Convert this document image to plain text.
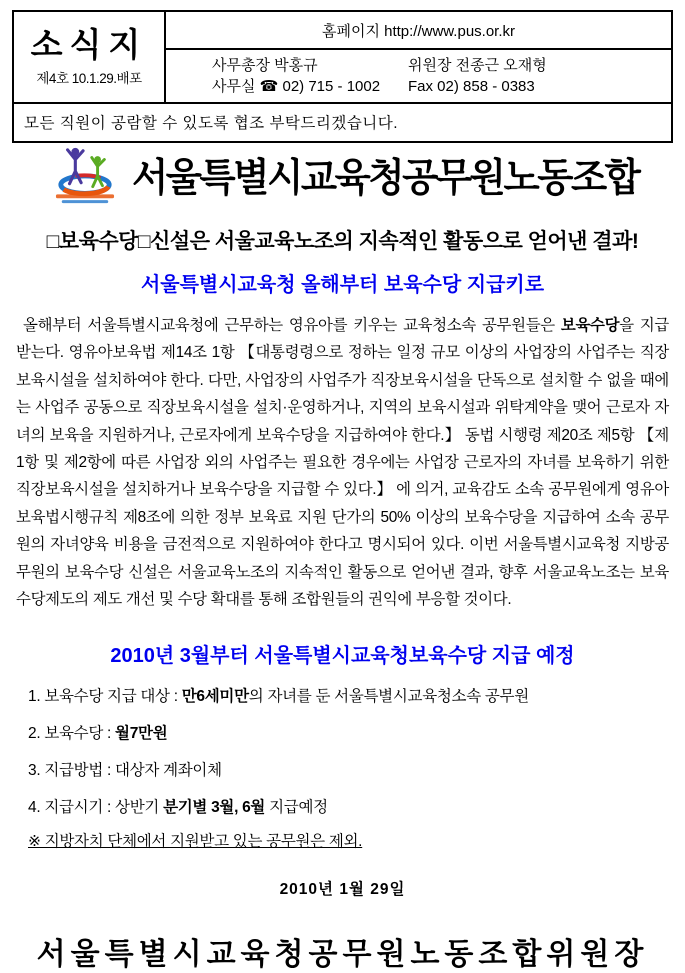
소식지
제4호 10.1.29.배포
홈페이지 http://www.pus.or.kr
사무총장 박홍규	위원장 전종근 오재형
사무실 ☎ 02) 715 - 1002	Fax 02) 858 - 0383
모든 직원이 공람할 수 있도록 협조 부탁드리겠습니다.
서울특별시교육청공무원노동조합
□보육수당□신설은 서울교육노조의 지속적인 활동으로 얻어낸 결과!
서울특별시교육청 올해부터 보육수당 지급키로
올해부터 서울특별시교육청에 근무하는 영유아를 키우는 교육청소속 공무원들은 보육수당을 지급 받는다. 영유아보육법 제14조 1항 【대통령령으로 정하는 일정 규모 이상의 사업장의 사업주는 직장보육시설을 설치하여야 한다. 다만, 사업장의 사업주가 직장보육시설을 단독으로 설치할 수 없을 때에는 사업주 공동으로 직장보육시설을 설치·운영하거나, 지역의 보육시설과 위탁계약을 맺어 근로자 자녀의 보육을 지원하거나, 근로자에게 보육수당을 지급하여야 한다.】 동법 시행령 제20조 제5항 【제1항 및 제2항에 따른 사업장 외의 사업주는 필요한 경우에는 사업장 근로자의 자녀를 보육하기 위한 직장보육시설을 설치하거나 보육수당을 지급할 수 있다.】 에 의거, 교육감도 소속 공무원에게 영유아보육법시행규칙 제8조에 의한 정부 보육료 지원 단가의 50% 이상의 보육수당을 지급하여 소속 공무원의 자녀양육 비용을 금전적으로 지원하여야 한다고 명시되어 있다. 이번 서울특별시교육청 지방공무원의 보육수당 신설은 서울교육노조의 지속적인 활동으로 얻어낸 결과, 향후 서울교육노조는 보육수당제도의 제도 개선 및 수당 확대를 통해 조합원들의 권익에 부응할 것이다.
2010년 3월부터 서울특별시교육청보육수당 지급 예정
1. 보육수당 지급 대상 : 만6세미만의 자녀를 둔 서울특별시교육청소속 공무원
2. 보육수당 : 월7만원
3. 지급방법 : 대상자 계좌이체
4. 지급시기 : 상반기 분기별 3월, 6월 지급예정
※ 지방자치 단체에서 지원받고 있는 공무원은 제외.
2010년 1월 29일
서울특별시교육청공무원노동조합위원장
